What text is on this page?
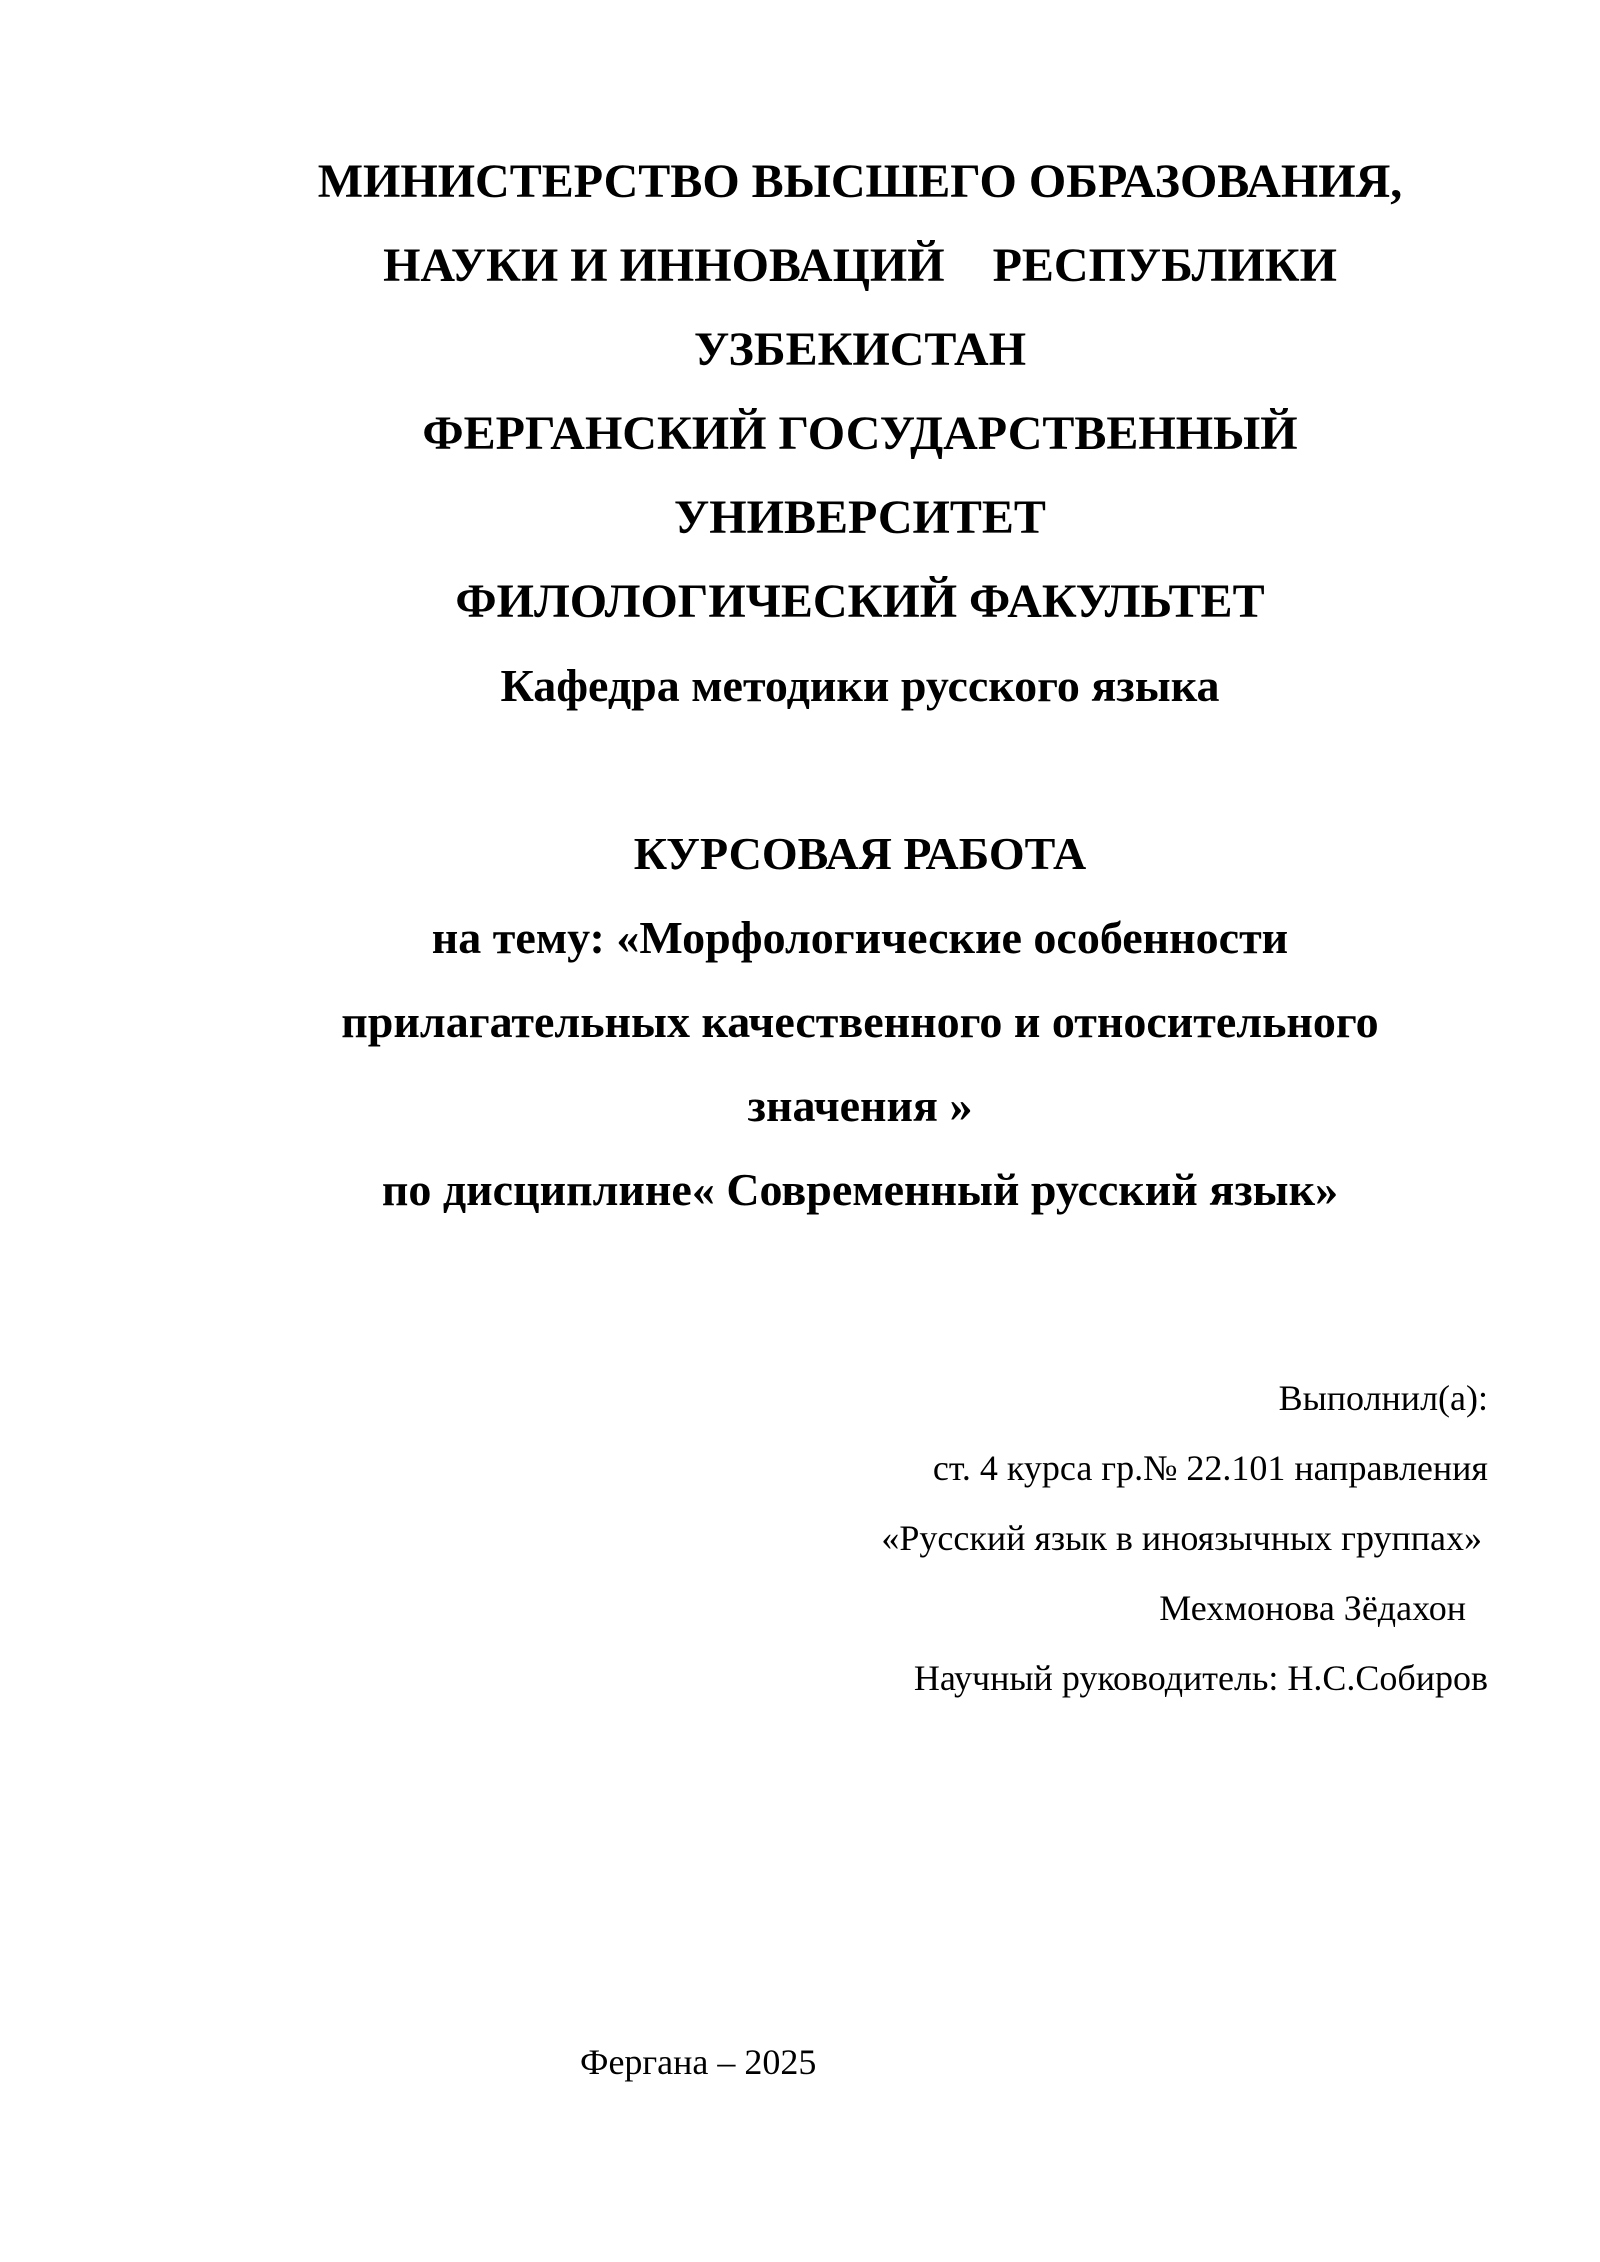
МИНИСТЕРСТВО ВЫСШЕГО ОБРАЗОВАНИЯ,

НАУКИ И ИННОВАЦИЙ    РЕСПУБЛИКИ

УЗБЕКИСТАН

ФЕРГАНСКИЙ ГОСУДАРСТВЕННЫЙ

УНИВЕРСИТЕТ

ФИЛОЛОГИЧЕСКИЙ ФАКУЛЬТЕТ

Кафедра методики русского языка

КУРСОВАЯ РАБОТА

на тему: «Морфологические особенности

прилагательных качественного и относительного

значения »

по дисциплине« Современный русский язык»

Выполнил(а):

ст. 4 курса гр.№ 22.101 направления

«Русский язык в иноязычных группах»

Мехмонова Зёдахон

Научный руководитель: Н.С.Собиров

Фергана – 2025
